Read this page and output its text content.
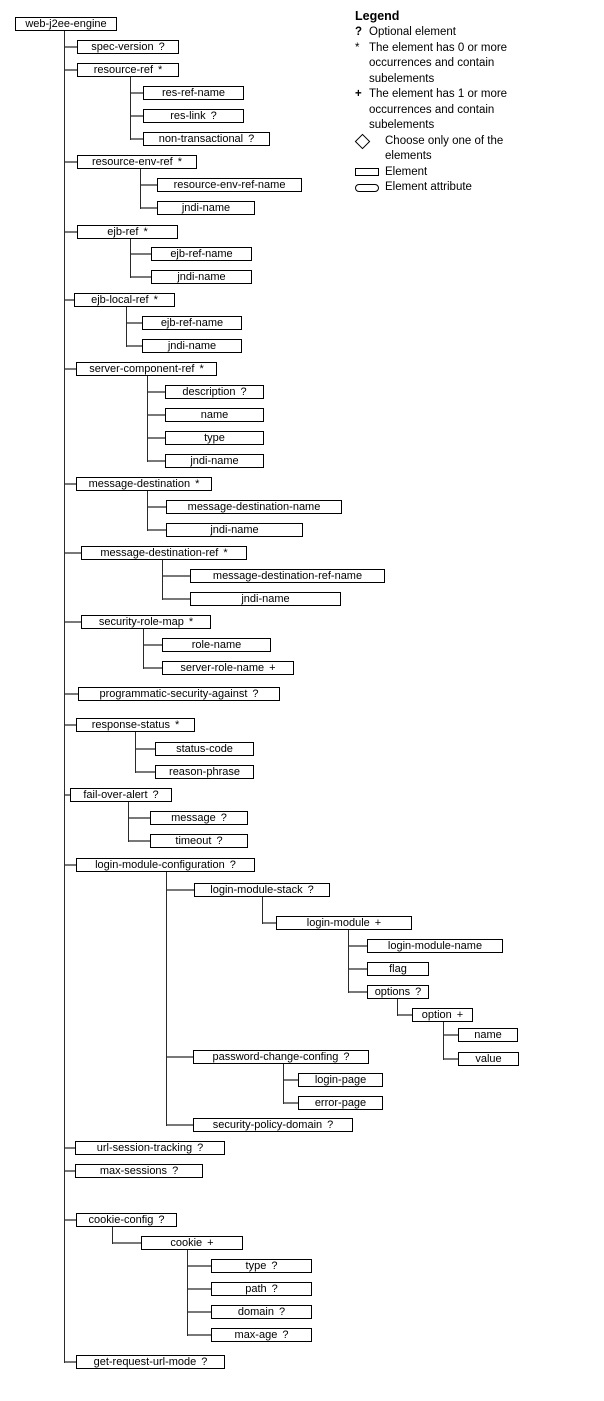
web-j2ee-engine
spec-version ?
resource-ref *
res-ref-name
res-link ?
non-transactional ?
resource-env-ref *
resource-env-ref-name
jndi-name
ejb-ref *
ejb-ref-name
jndi-name
ejb-local-ref *
ejb-ref-name
jndi-name
server-component-ref *
description ?
name
type
jndi-name
message-destination *
message-destination-name
jndi-name
message-destination-ref *
message-destination-ref-name
jndi-name
security-role-map *
role-name
server-role-name +
programmatic-security-against ?
response-status *
status-code
reason-phrase
fail-over-alert ?
message ?
timeout ?
login-module-configuration ?
login-module-stack ?
login-module +
login-module-name
flag
options ?
option +
name
value
password-change-confing ?
login-page
error-page
security-policy-domain ?
url-session-tracking ?
max-sessions ?
cookie-config ?
cookie +
type ?
path ?
domain ?
max-age ?
get-request-url-mode ?
Legend
? Optional element
* The element has 0 or more
occurrences and contain
subelements
+ The element has 1 or more
occurrences and contain
subelements
Choose only one of the
elements
Element
Element attribute
